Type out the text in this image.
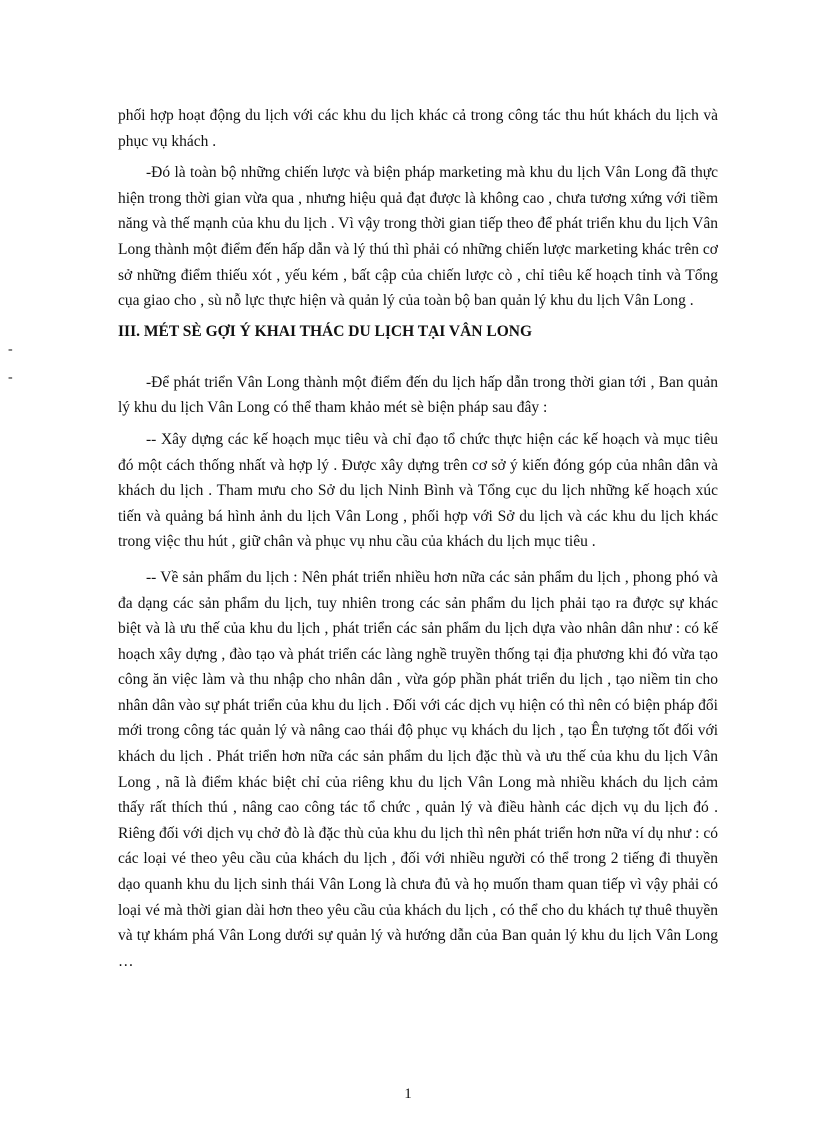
-
-

phối hợp hoạt động du lịch với các khu du lịch khác cả trong công tác thu hút khách du lịch và phục vụ khách .

-Đó là toàn bộ những chiến lược và biện pháp marketing mà khu du lịch Vân Long đã thực hiện trong thời gian vừa qua , nhưng hiệu quả đạt được là không cao , chưa tương xứng với tiềm năng và thế mạnh của khu du lịch . Vì vậy trong thời gian tiếp theo để phát triển khu du lịch Vân Long thành một điểm đến hấp dẫn và lý thú thì phải có những chiến lược marketing khác trên cơ sở những điểm thiếu xót , yếu kém , bất cập của chiến lược cò , chỉ tiêu kế hoạch tỉnh và Tổng cụa giao cho , sù nỗ lực thực hiện và quản lý của toàn bộ ban quản lý khu du lịch Vân Long .

III. MÉT SÈ GỢI Ý KHAI THÁC DU LỊCH TẠI VÂN LONG

-Để phát triển Vân Long thành một điểm đến du lịch hấp dẫn trong thời gian tới , Ban quản lý khu du lịch Vân Long có thể tham khảo mét sè biện pháp sau đây :

-- Xây dựng các kế hoạch mục tiêu và chỉ đạo tổ chức thực hiện các kế hoạch và mục tiêu đó một cách thống nhất và hợp lý . Được xây dựng trên cơ sở ý kiến đóng góp của nhân dân và khách du lịch . Tham mưu cho Sở du lịch Ninh Bình và Tổng cục du lịch những kế hoạch xúc tiến và quảng bá hình ảnh du lịch Vân Long , phối hợp với Sở du lịch và các khu du lịch khác trong việc thu hút , giữ chân và phục vụ nhu cầu của khách du lịch mục tiêu .

-- Về sản phẩm du lịch : Nên phát triển nhiều hơn nữa các sản phẩm du lịch , phong phó và đa dạng các sản phẩm du lịch, tuy nhiên trong các sản phẩm du lịch phải tạo ra được sự khác biệt và là ưu thế của khu du lịch , phát triển các sản phẩm du lịch dựa vào nhân dân như : có kế hoạch xây dựng , đào tạo và phát triển các làng nghề truyền thống tại địa phương khi đó vừa tạo công ăn việc làm và thu nhập cho nhân dân , vừa góp phần phát triển du lịch , tạo niềm tin cho nhân dân vào sự phát triển của khu du lịch . Đối với các dịch vụ hiện có thì nên có biện pháp đổi mới trong công tác quản lý và nâng cao thái độ phục vụ khách du lịch , tạo Ên tượng tốt đối với khách du lịch . Phát triển hơn nữa các sản phẩm du lịch đặc thù và ưu thế của khu du lịch Vân Long , nã là điểm khác biệt chỉ của riêng khu du lịch Vân Long mà nhiều khách du lịch cảm thấy rất thích thú , nâng cao công tác tổ chức , quản lý và điều hành các dịch vụ du lịch đó . Riêng đối với dịch vụ chở đò là đặc thù của khu du lịch thì nên phát triển hơn nữa ví dụ như : có các loại vé theo yêu cầu của khách du lịch , đối với nhiều người có thể trong 2 tiếng đi thuyền dạo quanh khu du lịch sinh thái Vân Long là chưa đủ và họ muốn tham quan tiếp vì vậy phải có loại vé mà thời gian dài hơn theo yêu cầu của khách du lịch , có thể cho du khách tự thuê thuyền và tự khám phá Vân Long dưới sự quản lý và hướng dẫn của Ban quản lý khu du lịch Vân Long …

1
